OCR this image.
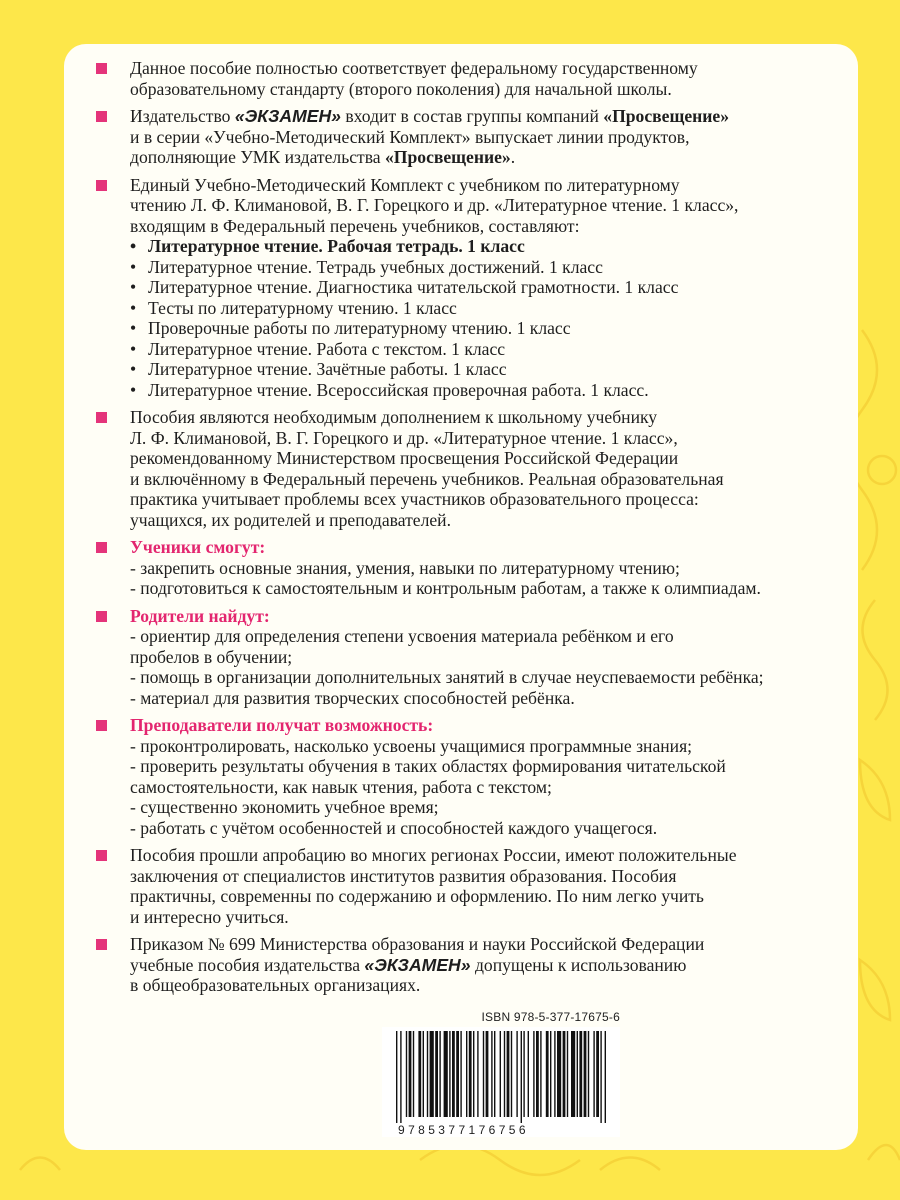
Данное пособие полностью соответствует федеральному государственному
образовательному стандарту (второго поколения) для начальной школы.
Издательство «ЭКЗАМЕН» входит в состав группы компаний «Просвещение»
и в серии «Учебно-Методический Комплект» выпускает линии продуктов,
дополняющие УМК издательства «Просвещение».
Единый Учебно-Методический Комплект с учебником по литературному
чтению Л. Ф. Климановой, В. Г. Горецкого и др. «Литературное чтение. 1 класс»,
входящим в Федеральный перечень учебников, составляют:
• Литературное чтение. Рабочая тетрадь. 1 класс
• Литературное чтение. Тетрадь учебных достижений. 1 класс
• Литературное чтение. Диагностика читательской грамотности. 1 класс
• Тесты по литературному чтению. 1 класс
• Проверочные работы по литературному чтению. 1 класс
• Литературное чтение. Работа с текстом. 1 класс
• Литературное чтение. Зачётные работы. 1 класс
• Литературное чтение. Всероссийская проверочная работа. 1 класс.
Пособия являются необходимым дополнением к школьному учебнику
Л. Ф. Климановой, В. Г. Горецкого и др. «Литературное чтение. 1 класс»,
рекомендованному Министерством просвещения Российской Федерации
и включённому в Федеральный перечень учебников. Реальная образовательная
практика учитывает проблемы всех участников образовательного процесса:
учащихся, их родителей и преподавателей.
Ученики смогут:
- закрепить основные знания, умения, навыки по литературному чтению;
- подготовиться к самостоятельным и контрольным работам, а также к олимпиадам.
Родители найдут:
- ориентир для определения степени усвоения материала ребёнком и его
пробелов в обучении;
- помощь в организации дополнительных занятий в случае неуспеваемости ребёнка;
- материал для развития творческих способностей ребёнка.
Преподаватели получат возможность:
- проконтролировать, насколько усвоены учащимися программные знания;
- проверить результаты обучения в таких областях формирования читательской
самостоятельности, как навык чтения, работа с текстом;
- существенно экономить учебное время;
- работать с учётом особенностей и способностей каждого учащегося.
Пособия прошли апробацию во многих регионах России, имеют положительные
заключения от специалистов институтов развития образования. Пособия
практичны, современны по содержанию и оформлению. По ним легко учить
и интересно учиться.
Приказом № 699 Министерства образования и науки Российской Федерации
учебные пособия издательства «ЭКЗАМЕН» допущены к использованию
в общеобразовательных организациях.
ISBN 978-5-377-17675-6
9785377176756
